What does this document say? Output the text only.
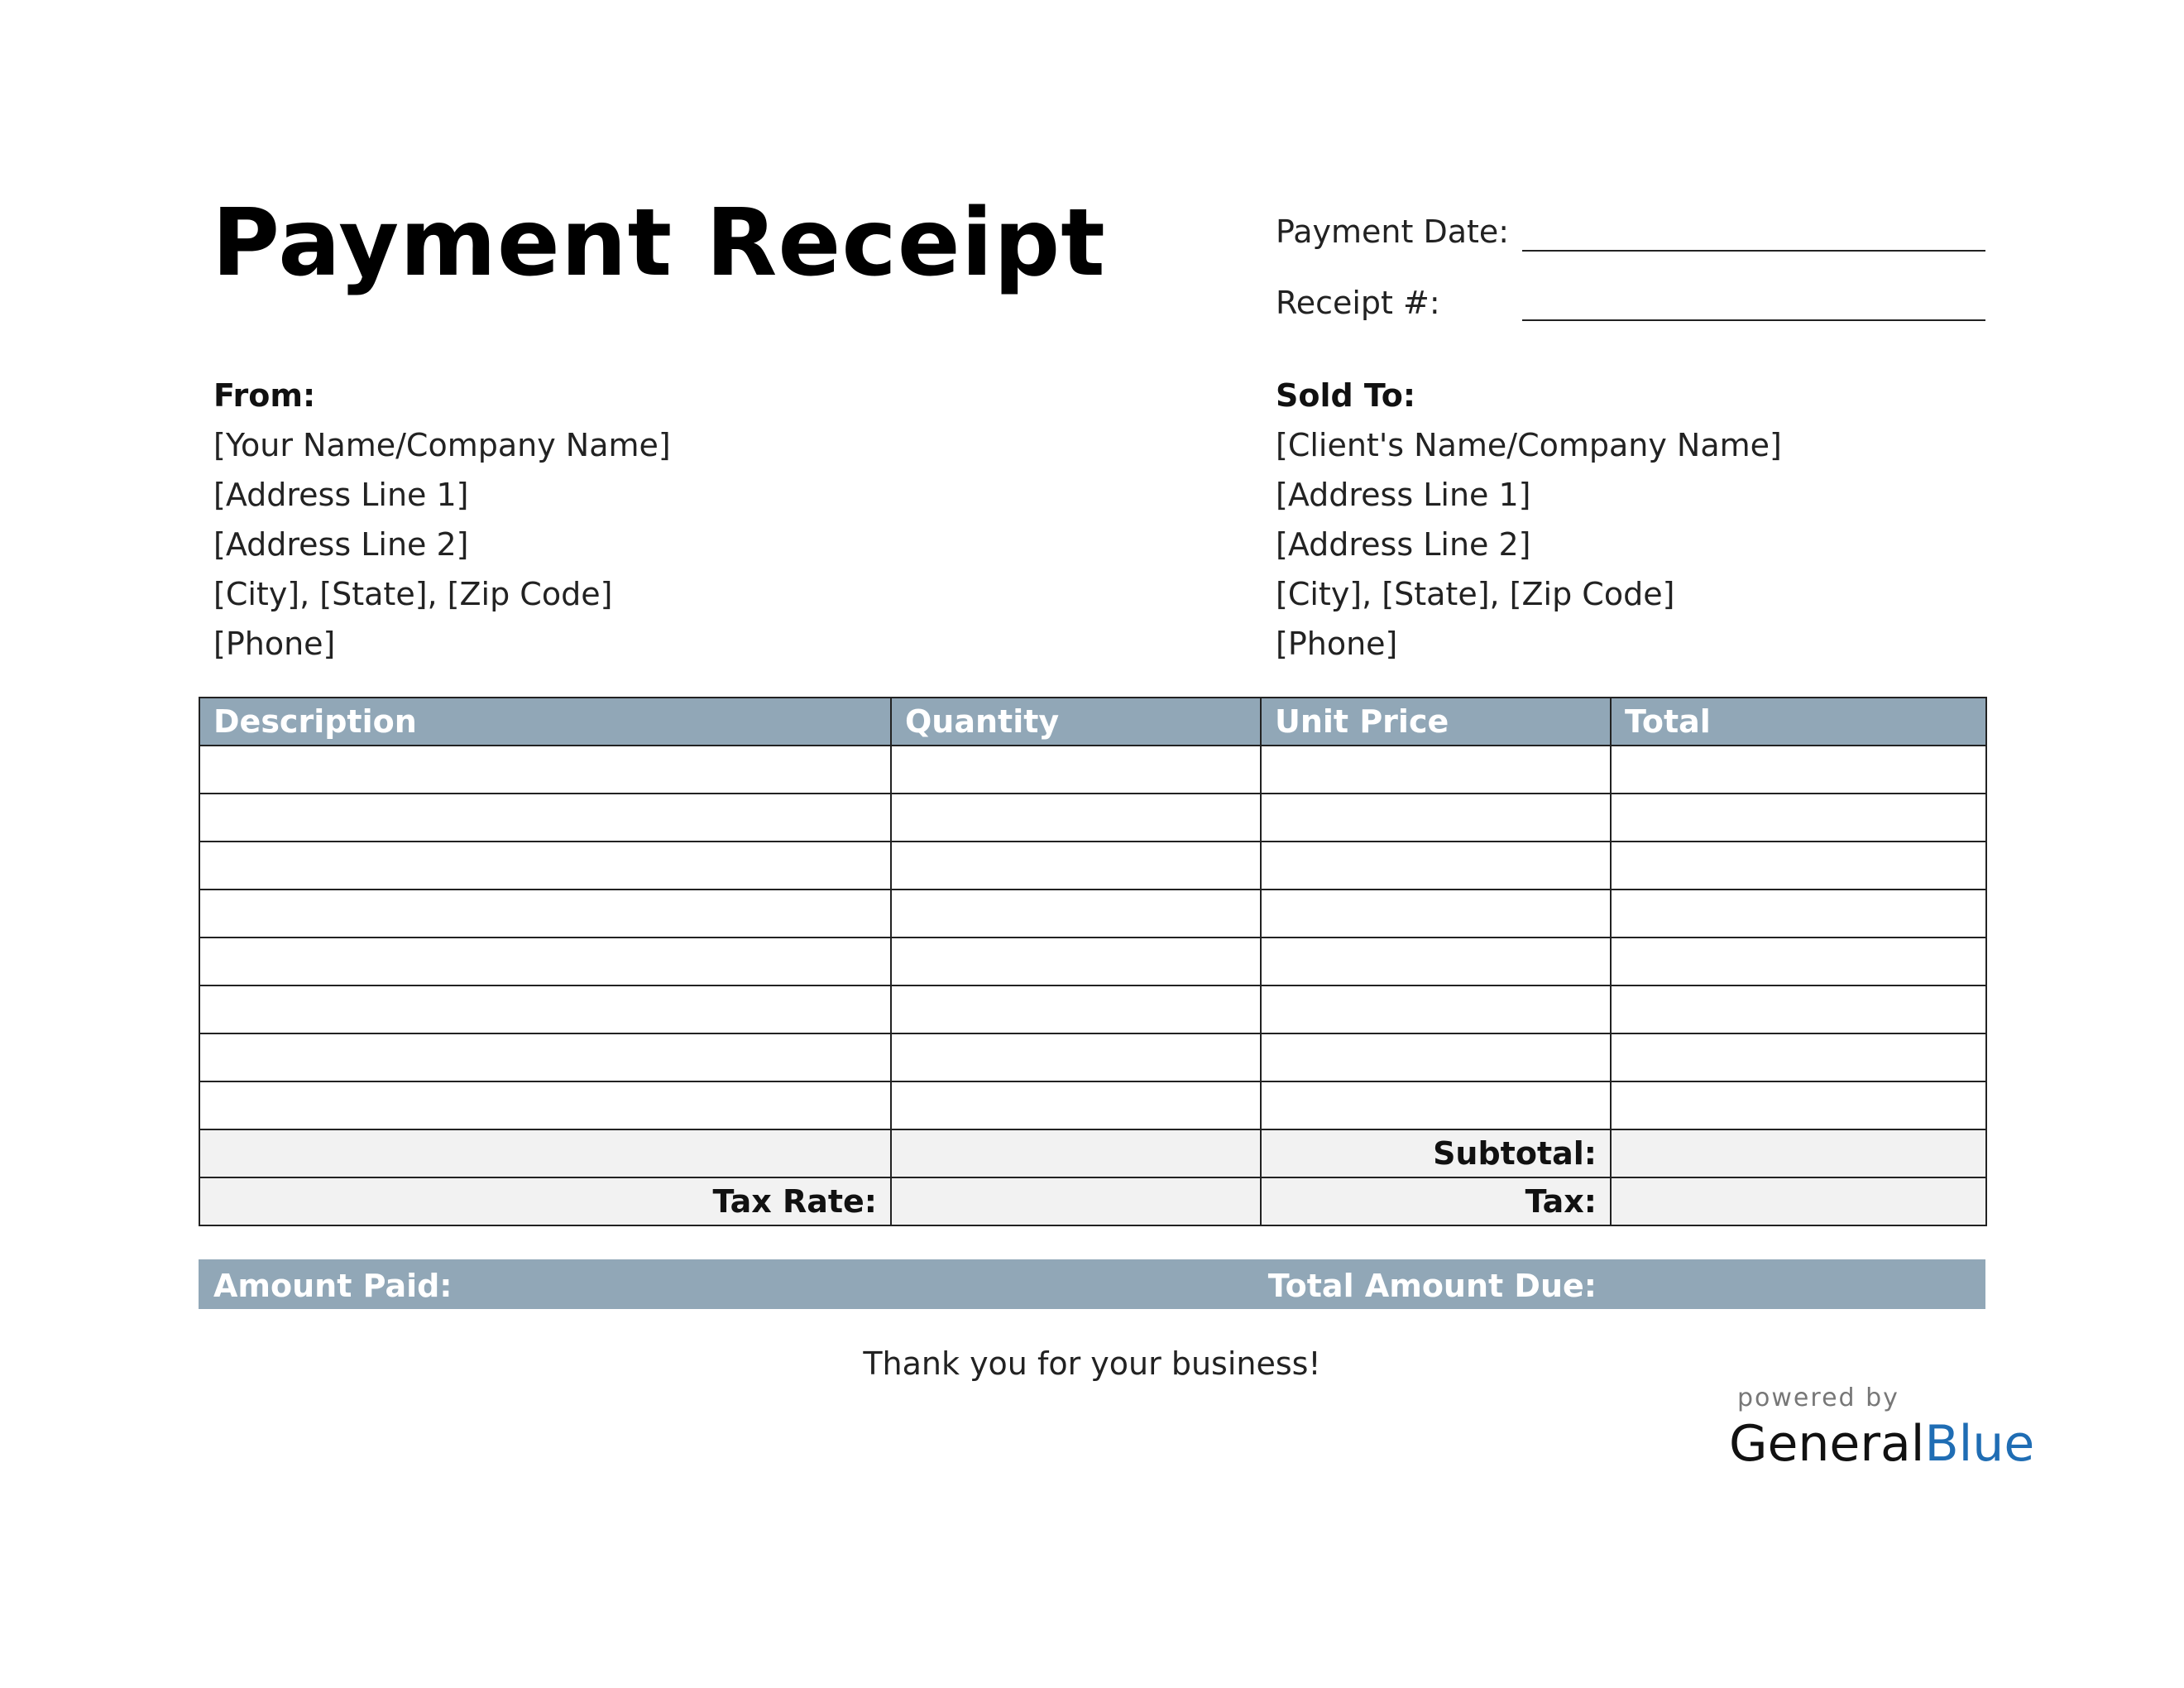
Payment Receipt	Payment Date:
Receipt #:
From:
[Your Name/Company Name]
[Address Line 1]
[Address Line 2]
[City], [State], [Zip Code]
[Phone]
Sold To:
[Client's Name/Company Name]
[Address Line 1]
[Address Line 2]
[City], [State], [Zip Code]
[Phone]
Description	Quantity	Unit Price	Total

		Subtotal:	
Tax Rate:		Tax:	
Amount Paid:	Total Amount Due:
Thank you for your business!
powered by
GeneralBlue
